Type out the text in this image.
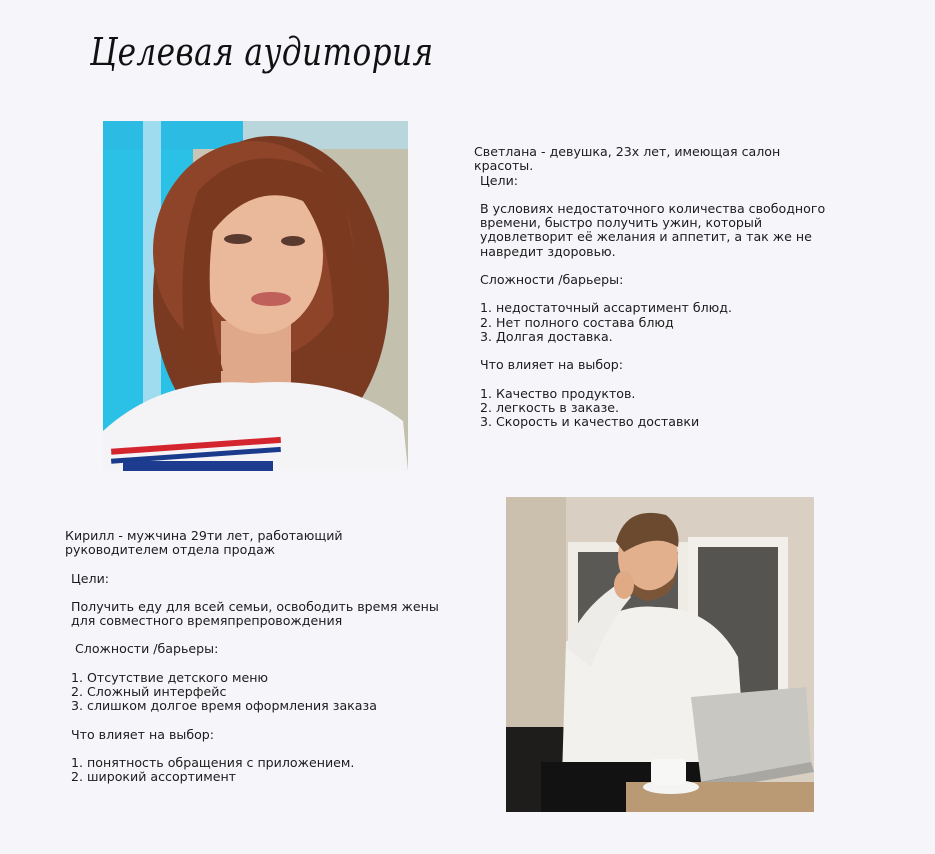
Целевая аудитория
Светлана - девушка, 23х лет, имеющая салон
красоты.
Цели:
В условиях недостаточного количества свободного
времени, быстро получить ужин, который
удовлетворит её желания и аппетит, а так же не
навредит здоровью.
Сложности /барьеры:
1. недостаточный ассартимент блюд.
2. Нет полного состава блюд
3. Долгая доставка.
Что влияет на выбор:
1. Качество продуктов.
2. легкость в заказе.
3. Скорость и качество доставки
Кирилл - мужчина 29ти лет, работающий
руководителем отдела продаж
Цели:
Получить еду для всей семьи, освободить время жены
для совместного времяпрепровождения
Сложности /барьеры:
1. Отсутствие детского меню
2. Сложный интерфейс
3. слишком долгое время оформления заказа
Что влияет на выбор:
1. понятность обращения с приложением.
2. широкий ассортимент
